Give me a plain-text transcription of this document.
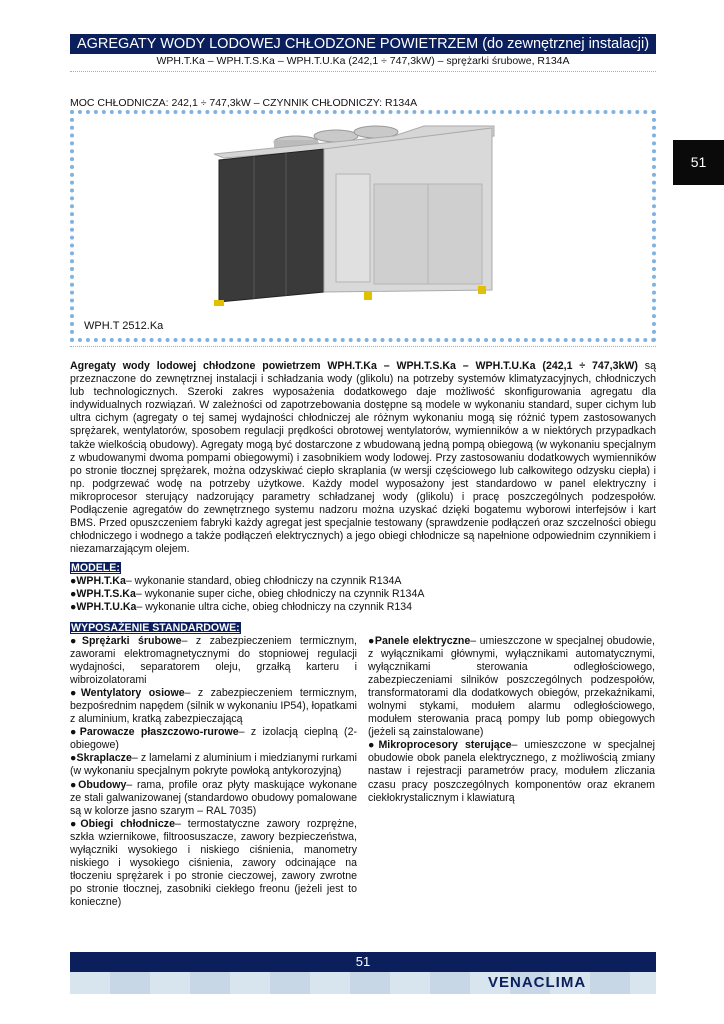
AGREGATY WODY LODOWEJ CHŁODZONE POWIETRZEM (do zewnętrznej instalacji)
WPH.T.Ka – WPH.T.S.Ka – WPH.T.U.Ka (242,1 ÷ 747,3kW) – sprężarki śrubowe, R134A
51
MOC CHŁODNICZA: 242,1 ÷ 747,3kW – CZYNNIK CHŁODNICZY: R134A
WPH.T 2512.Ka
Agregaty wody lodowej chłodzone powietrzem WPH.T.Ka – WPH.T.S.Ka – WPH.T.U.Ka (242,1 ÷ 747,3kW) są przeznaczone do zewnętrznej instalacji i schładzania wody (glikolu) na potrzeby systemów klimatyzacyjnych, chłodniczych lub technologicznych. Szeroki zakres wyposażenia dodatkowego daje możliwość skonfigurowania agregatu dla indywidualnych rozwiązań. W zależności od zapotrzebowania dostępne są modele w wykonaniu standard, super cichym lub ultra cichym (agregaty o tej samej wydajności chłodniczej ale różnym wykonaniu mogą się różnić typem zastosowanych sprężarek, wentylatorów, sposobem regulacji prędkości obrotowej wentylatorów, wymienników a w niektórych przypadkach także wielkością obudowy). Agregaty mogą być dostarczone z wbudowaną jedną pompą obiegową (w wykonaniu specjalnym z wbudowanymi dwoma pompami obiegowymi) i zasobnikiem wody lodowej. Przy zastosowaniu dodatkowych wymienników po stronie tłocznej sprężarek, można odzyskiwać ciepło skraplania (w wersji częściowego lub całkowitego odzysku ciepła) i np. podgrzewać wodę na potrzeby użytkowe. Każdy model wyposażony jest standardowo w panel elektryczny i mikroprocesor sterujący nadzorujący parametry schładzanej wody (glikolu) i pracę poszczególnych podzespołów. Podłączenie agregatów do zewnętrznego systemu nadzoru można uzyskać dzięki bogatemu wyborowi interfejsów i kart BMS. Przed opuszczeniem fabryki każdy agregat jest specjalnie testowany (sprawdzenie podłączeń oraz szczelności obiegu chłodniczego i wodnego a także podłączeń elektrycznych) a jego obiegi chłodnicze są napełnione odpowiednim czynnikiem i niezamarzającym olejem.
MODELE:
●WPH.T.Ka– wykonanie standard, obieg chłodniczy na czynnik R134A
●WPH.T.S.Ka– wykonanie super ciche, obieg chłodniczy na czynnik R134A
●WPH.T.U.Ka– wykonanie ultra ciche, obieg chłodniczy na czynnik R134
WYPOSAŻENIE STANDARDOWE:

●Sprężarki śrubowe– z zabezpieczeniem termicznym, zaworami elektromagnetycznymi do stopniowej regulacji wydajności, separatorem oleju, grzałką karteru i wibroizolatorami

●Wentylatory osiowe– z zabezpieczeniem termicznym, bezpośrednim napędem (silnik w wykonaniu IP54), łopatkami z aluminium, kratką zabezpieczającą

●Parowacze płaszczowo-rurowe– z izolacją cieplną (2-obiegowe)

●Skraplacze– z lamelami z aluminium i miedzianymi rurkami (w wykonaniu specjalnym pokryte powłoką antykorozyjną)

●Obudowy– rama, profile oraz płyty maskujące wykonane ze stali galwanizowanej (standardowo obudowy pomalowane są w kolorze jasno szarym – RAL 7035)

●Obiegi chłodnicze– termostatyczne zawory rozprężne, szkła wziernikowe, filtroosuszacze, zawory bezpieczeństwa, wyłączniki wysokiego i niskiego ciśnienia, manometry niskiego i wysokiego ciśnienia, zawory odcinające na tłoczeniu sprężarek i po stronie cieczowej, zawory zwrotne po stronie tłocznej, zasobniki ciekłego freonu (jeżeli jest to konieczne)

●Panele elektryczne– umieszczone w specjalnej obudowie, z wyłącznikami głównymi, wyłącznikami automatycznymi, wyłącznikami sterowania odległościowego, zabezpieczeniami silników poszczególnych podzespołów, transformatorami dla dodatkowych obiegów, przekaźnikami, wolnymi stykami, modułem alarmu odległościowego, modułem sterowania pracą pompy lub pomp obiegowych (jeżeli są zainstalowane)

●Mikroprocesory sterujące– umieszczone w specjalnej obudowie obok panela elektrycznego, z możliwością zmiany nastaw i rejestracji parametrów pracy, modułem zliczania czasu pracy poszczególnych komponentów oraz ekranem ciekłokrystalicznym i klawiaturą

51
VENACLIMA
